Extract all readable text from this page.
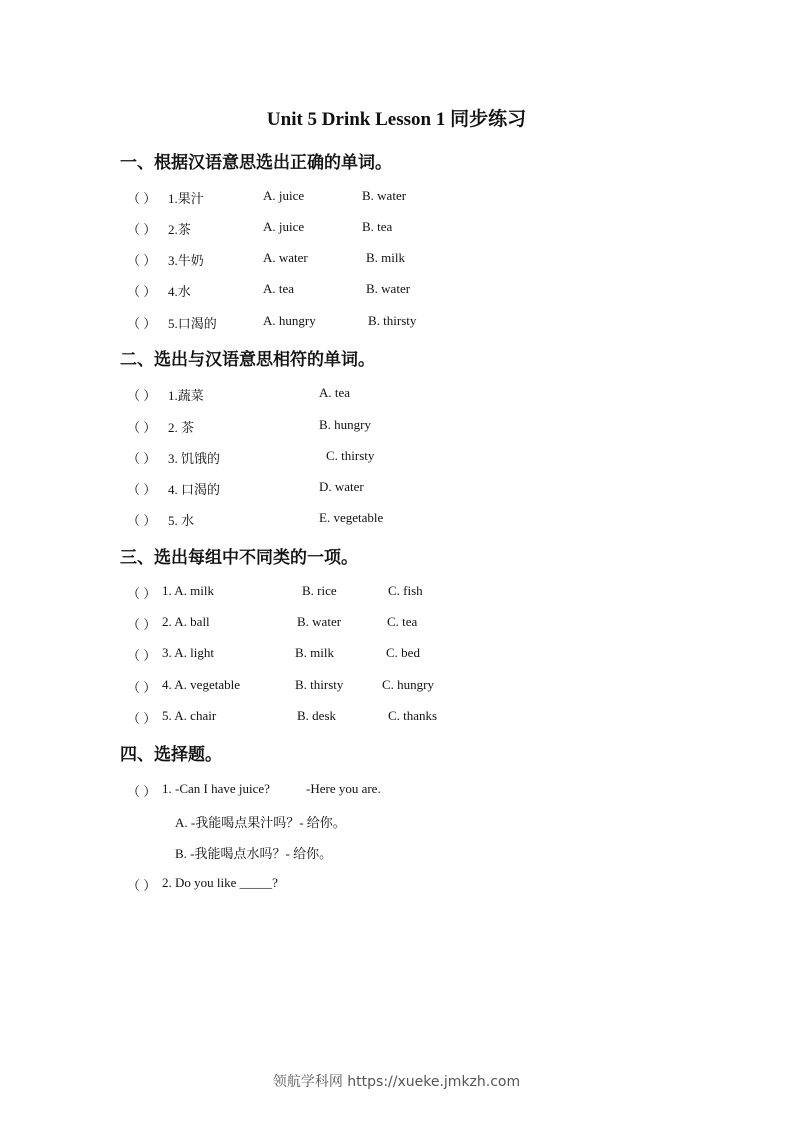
Unit 5 Drink Lesson 1 同步练习
一、根据汉语意思选出正确的单词。
（ ） 1.果汁	A. juice	B. water
（ ） 2.茶	A. juice	B. tea
（ ） 3.牛奶	A. water	B. milk
（ ） 4.水	A. tea	B. water
（ ） 5.口渴的	A. hungry	B. thirsty
二、选出与汉语意思相符的单词。
（ ） 1.蔬菜	A. tea
（ ） 2. 茶	B. hungry
（ ） 3. 饥饿的	C. thirsty
（ ） 4. 口渴的	D. water
（ ） 5. 水	E. vegetable
三、选出每组中不同类的一项。
（ ） 1. A. milk	B. rice	C. fish
（ ） 2. A. ball	B. water	C. tea
（ ） 3. A. light	B. milk	C. bed
（ ） 4. A. vegetable	B. thirsty	C. hungry
（ ） 5. A. chair	B. desk	C. thanks
四、选择题。
（ ） 1. -Can I have juice?	-Here you are.
A. -我能喝点果汁吗？- 给你。
B. -我能喝点水吗？- 给你。
（ ） 2. Do you like _____?
领航学科网 https://xueke.jmkzh.com
